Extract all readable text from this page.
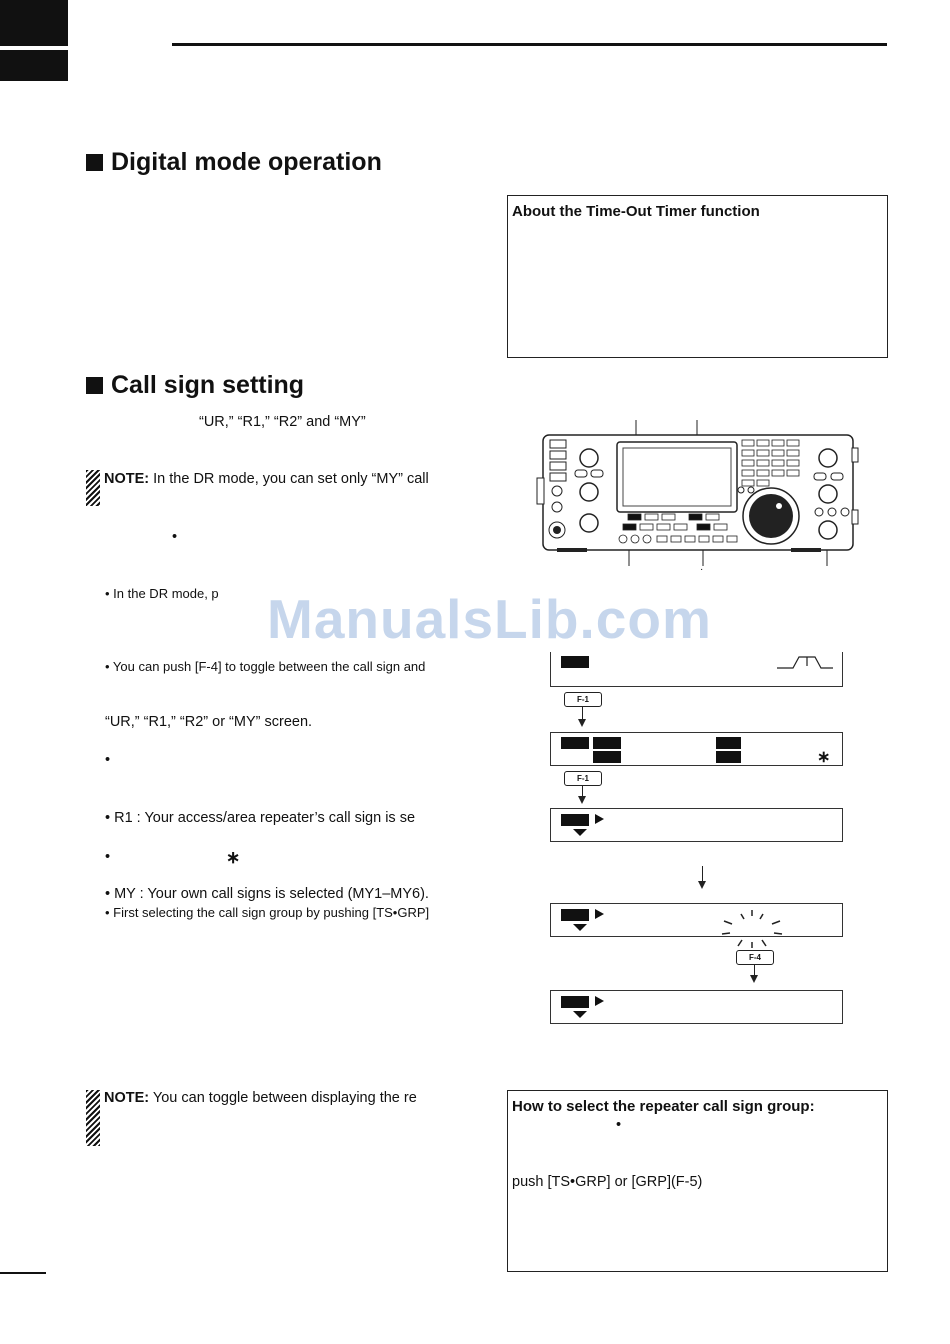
Digital mode operation
Call sign setting
About the Time-Out Timer function
“UR,” “R1,” “R2” and “MY”
NOTE: In the DR mode, you can set only “MY” call
•
• In the DR mode, p
• You can push [F-4] to toggle between the call sign and
“UR,” “R1,” “R2” or “MY” screen.
•
• R1 : Your access/area repeater’s call sign is se
•	∗
• MY : Your own call signs is selected (MY1–MY6).
• First selecting the call sign group by pushing [TS•GRP]
NOTE: You can toggle between displaying the re	How to select the repeater call sign group:
•
push [TS•GRP] or [GRP](F-5)
ManualsLib.com
·
F-1
∗
F-1
F-4
